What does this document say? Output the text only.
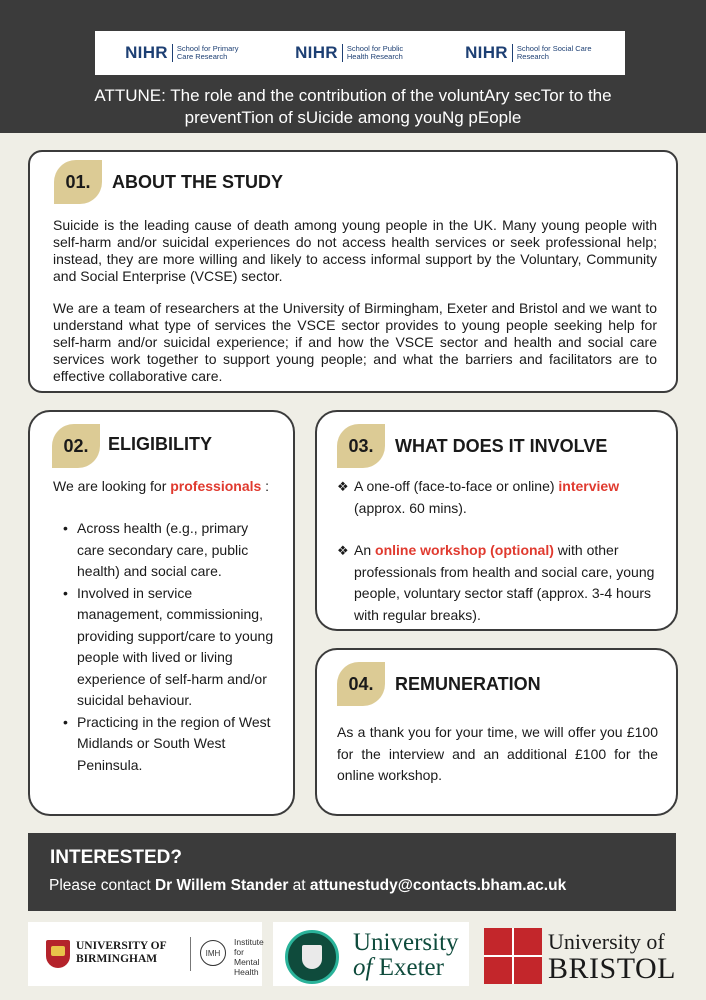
NIHR School for Primary Care Research	NIHR School for Public Health Research	NIHR School for Social Care Research
ATTUNE: The role and the contribution of the voluntAry secTor to the
preventTion of sUicide among youNg pEople
01.	ABOUT THE STUDY
Suicide is the leading cause of death among young people in the UK. Many young people with self-harm and/or suicidal experiences do not access health services or seek professional help; instead, they are more willing and likely to access informal support by the Voluntary, Community and Social Enterprise (VCSE) sector.
We are a team of researchers at the University of Birmingham, Exeter and Bristol and we want to understand what type of services the VSCE sector provides to young people seeking help for self-harm and/or suicidal experience; if and how the VSCE sector and health and social care services work together to support young people; and what the barriers and facilitators are to effective collaborative care.
02.	ELIGIBILITY
We are looking for professionals :
• Across health (e.g., primary care secondary care, public health) and social care.
• Involved in service management, commissioning, providing support/care to young people with lived or living experience of self-harm and/or suicidal behaviour.
• Practicing in the region of West Midlands or South West Peninsula.
03.	WHAT DOES IT INVOLVE
❖ A one-off (face-to-face or online) interview (approx. 60 mins).
❖ An online workshop (optional) with other professionals from health and social care, young people, voluntary sector staff (approx. 3-4 hours with regular breaks).
04.	REMUNERATION
As a thank you for your time, we will offer you £100 for the interview and an additional £100 for the online workshop.
INTERESTED?
Please contact Dr Willem Stander at attunestudy@contacts.bham.ac.uk
UNIVERSITY OF
BIRMINGHAM	IMH
Institute
for Mental
Health
University
of Exeter
University of
BRISTOL
